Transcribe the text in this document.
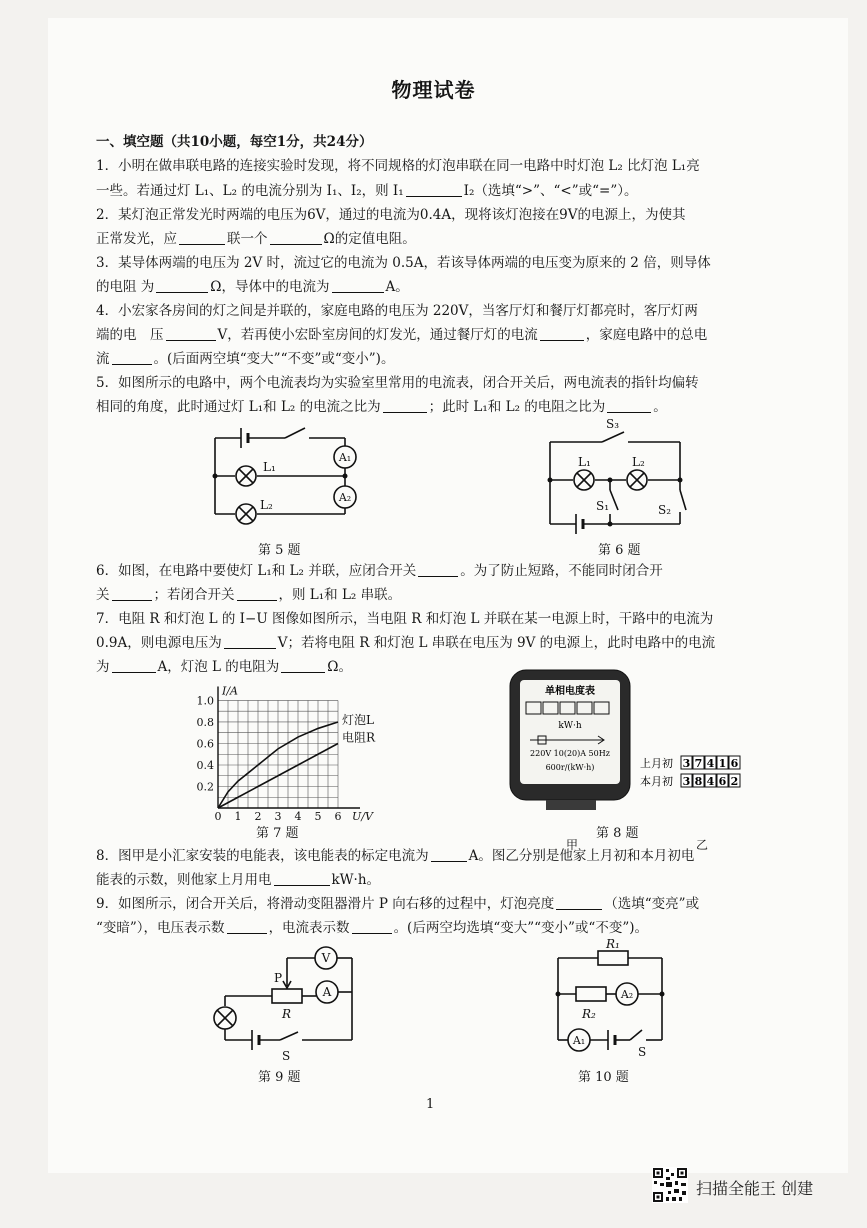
物理试卷
一、填空题（共10小题，每空1分，共24分）
1．小明在做串联电路的连接实验时发现，将不同规格的灯泡串联在同一电路中时灯泡 L₂ 比灯泡 L₁亮
一些。若通过灯 L₁、L₂ 的电流分别为 I₁、I₂，则 I₁	I₂（选填“>”、“<”或“=”）。
2．某灯泡正常发光时两端的电压为6V，通过的电流为0.4A，现将该灯泡接在9V的电源上，为使其
正常发光，应	联一个	Ω的定值电阻。
3．某导体两端的电压为 2V 时，流过它的电流为 0.5A，若该导体两端的电压变为原来的 2 倍，则导体
的电阻 为	Ω，导体中的电流为	A。
4．小宏家各房间的灯之间是并联的，家庭电路的电压为 220V，当客厅灯和餐厅灯都亮时，客厅灯两
端的电　压	V，若再使小宏卧室房间的灯发光，通过餐厅灯的电流	，家庭电路中的总电
流	。(后面两空填“变大”“不变”或“变小”)。
5．如图所示的电路中，两个电流表均为实验室里常用的电流表，闭合开关后，两电流表的指针均偏转
相同的角度，此时通过灯 L₁和 L₂ 的电流之比为	；此时 L₁和 L₂ 的电阻之比为	。
A₁
A₂
L₁
L₂
第 5 题
S₃
L₁	L₂
S₁	S₂
第 6 题
6．如图，在电路中要使灯 L₁和 L₂ 并联，应闭合开关	。为了防止短路，不能同时闭合开
关	；若闭合开关	，则 L₁和 L₂ 串联。
7．电阻 R 和灯泡 L 的 I−U 图像如图所示，当电阻 R 和灯泡 L 并联在某一电源上时，干路中的电流为
0.9A，则电源电压为	V；若将电阻 R 和灯泡 L 串联在电压为 9V 的电源上，此时电路中的电流
为	A，灯泡 L 的电阻为	Ω。
0 1 2 3 4 5 6
0.2
0.4
0.6
0.8
1.0
U/V
I/A
灯泡L
电阻R
第 7 题
单相电度表
kW·h
220V 10(20)A 50Hz
600r/(kW·h)	上月初
本月初
3 7 4 1 6
3 8 4 6 2
甲	乙
第 8 题
8．图甲是小汇家安装的电能表，该电能表的标定电流为	A。图乙分别是他家上月初和本月初电
能表的示数，则他家上月用电	kW·h。
9．如图所示，闭合开关后，将滑动变阻器滑片 P 向右移的过程中，灯泡亮度	（选填“变亮”或
“变暗”），电压表示数	，电流表示数	。(后两空均选填“变大”“变小”或“不变”)。
V
A
P
R
S
第 9 题
R₁
R₂
A₂
A₁
S
第 10 题
1
扫描全能王 创建
